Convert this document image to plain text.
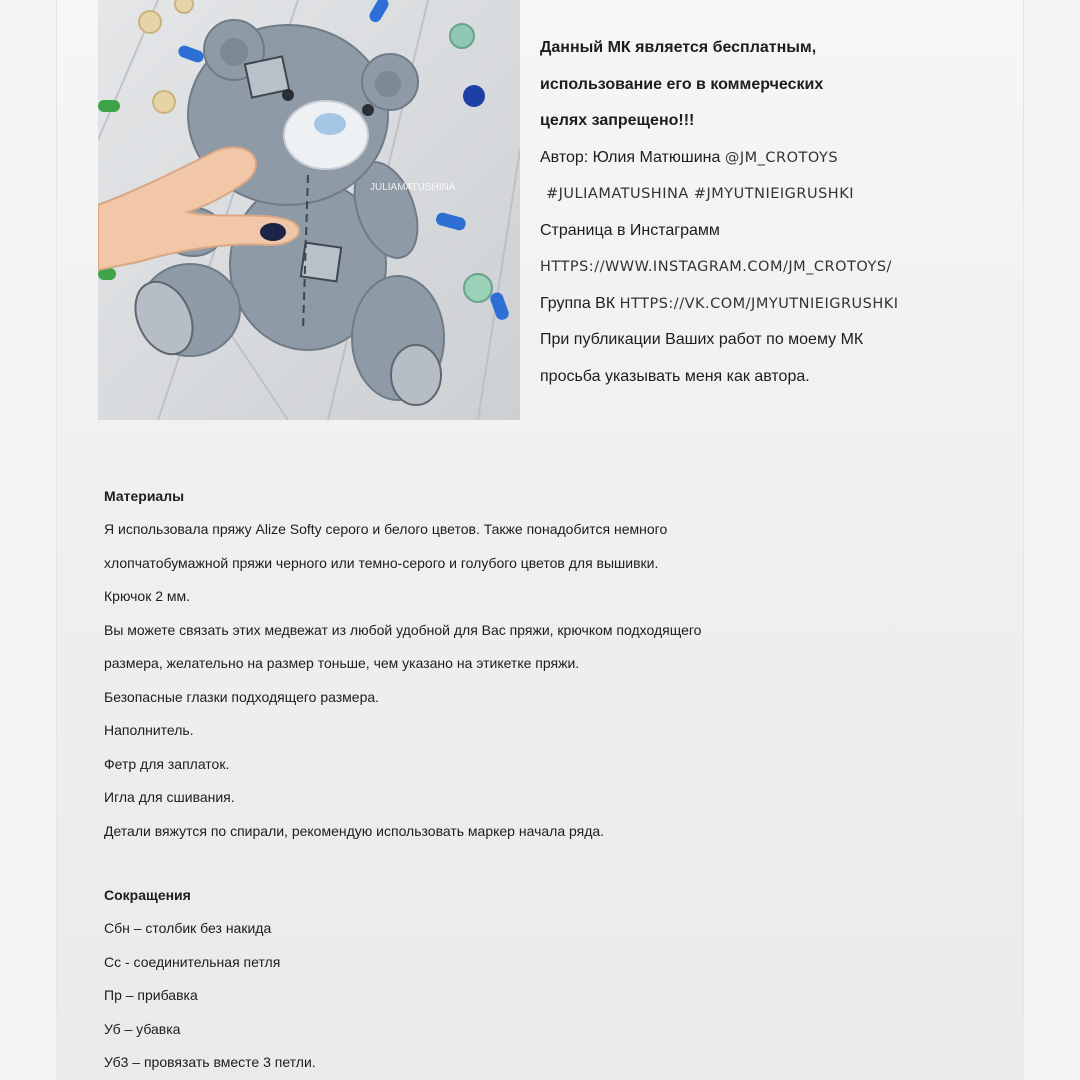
JULIAMATUSHINA
Данный МК является бесплатным,
использование его в коммерческих
целях запрещено!!!
Автор: Юлия Матюшина @JM_CROTOYS
#JULIAMATUSHINA #JMYUTNIEIGRUSHKI
Страница в Инстаграмм
HTTPS://WWW.INSTAGRAM.COM/JM_CROTOYS/
Группа ВК HTTPS://VK.COM/JMYUTNIEIGRUSHKI
При публикации Ваших работ по моему МК
просьба указывать меня как автора.
Материалы
Я использовала пряжу Alize Softy серого и белого цветов. Также понадобится немного
хлопчатобумажной пряжи черного или темно-серого и голубого цветов для вышивки.
Крючок 2 мм.
Вы можете связать этих медвежат из любой удобной для Вас пряжи, крючком подходящего
размера, желательно на размер тоньше, чем указано на этикетке пряжи.
Безопасные глазки подходящего размера.
Наполнитель.
Фетр для заплаток.
Игла для сшивания.
Детали вяжутся по спирали, рекомендую использовать маркер начала ряда.
Сокращения
Сбн – столбик без накида
Сс - соединительная петля
Пр – прибавка
Уб – убавка
Уб3 – провязать вместе 3 петли.
